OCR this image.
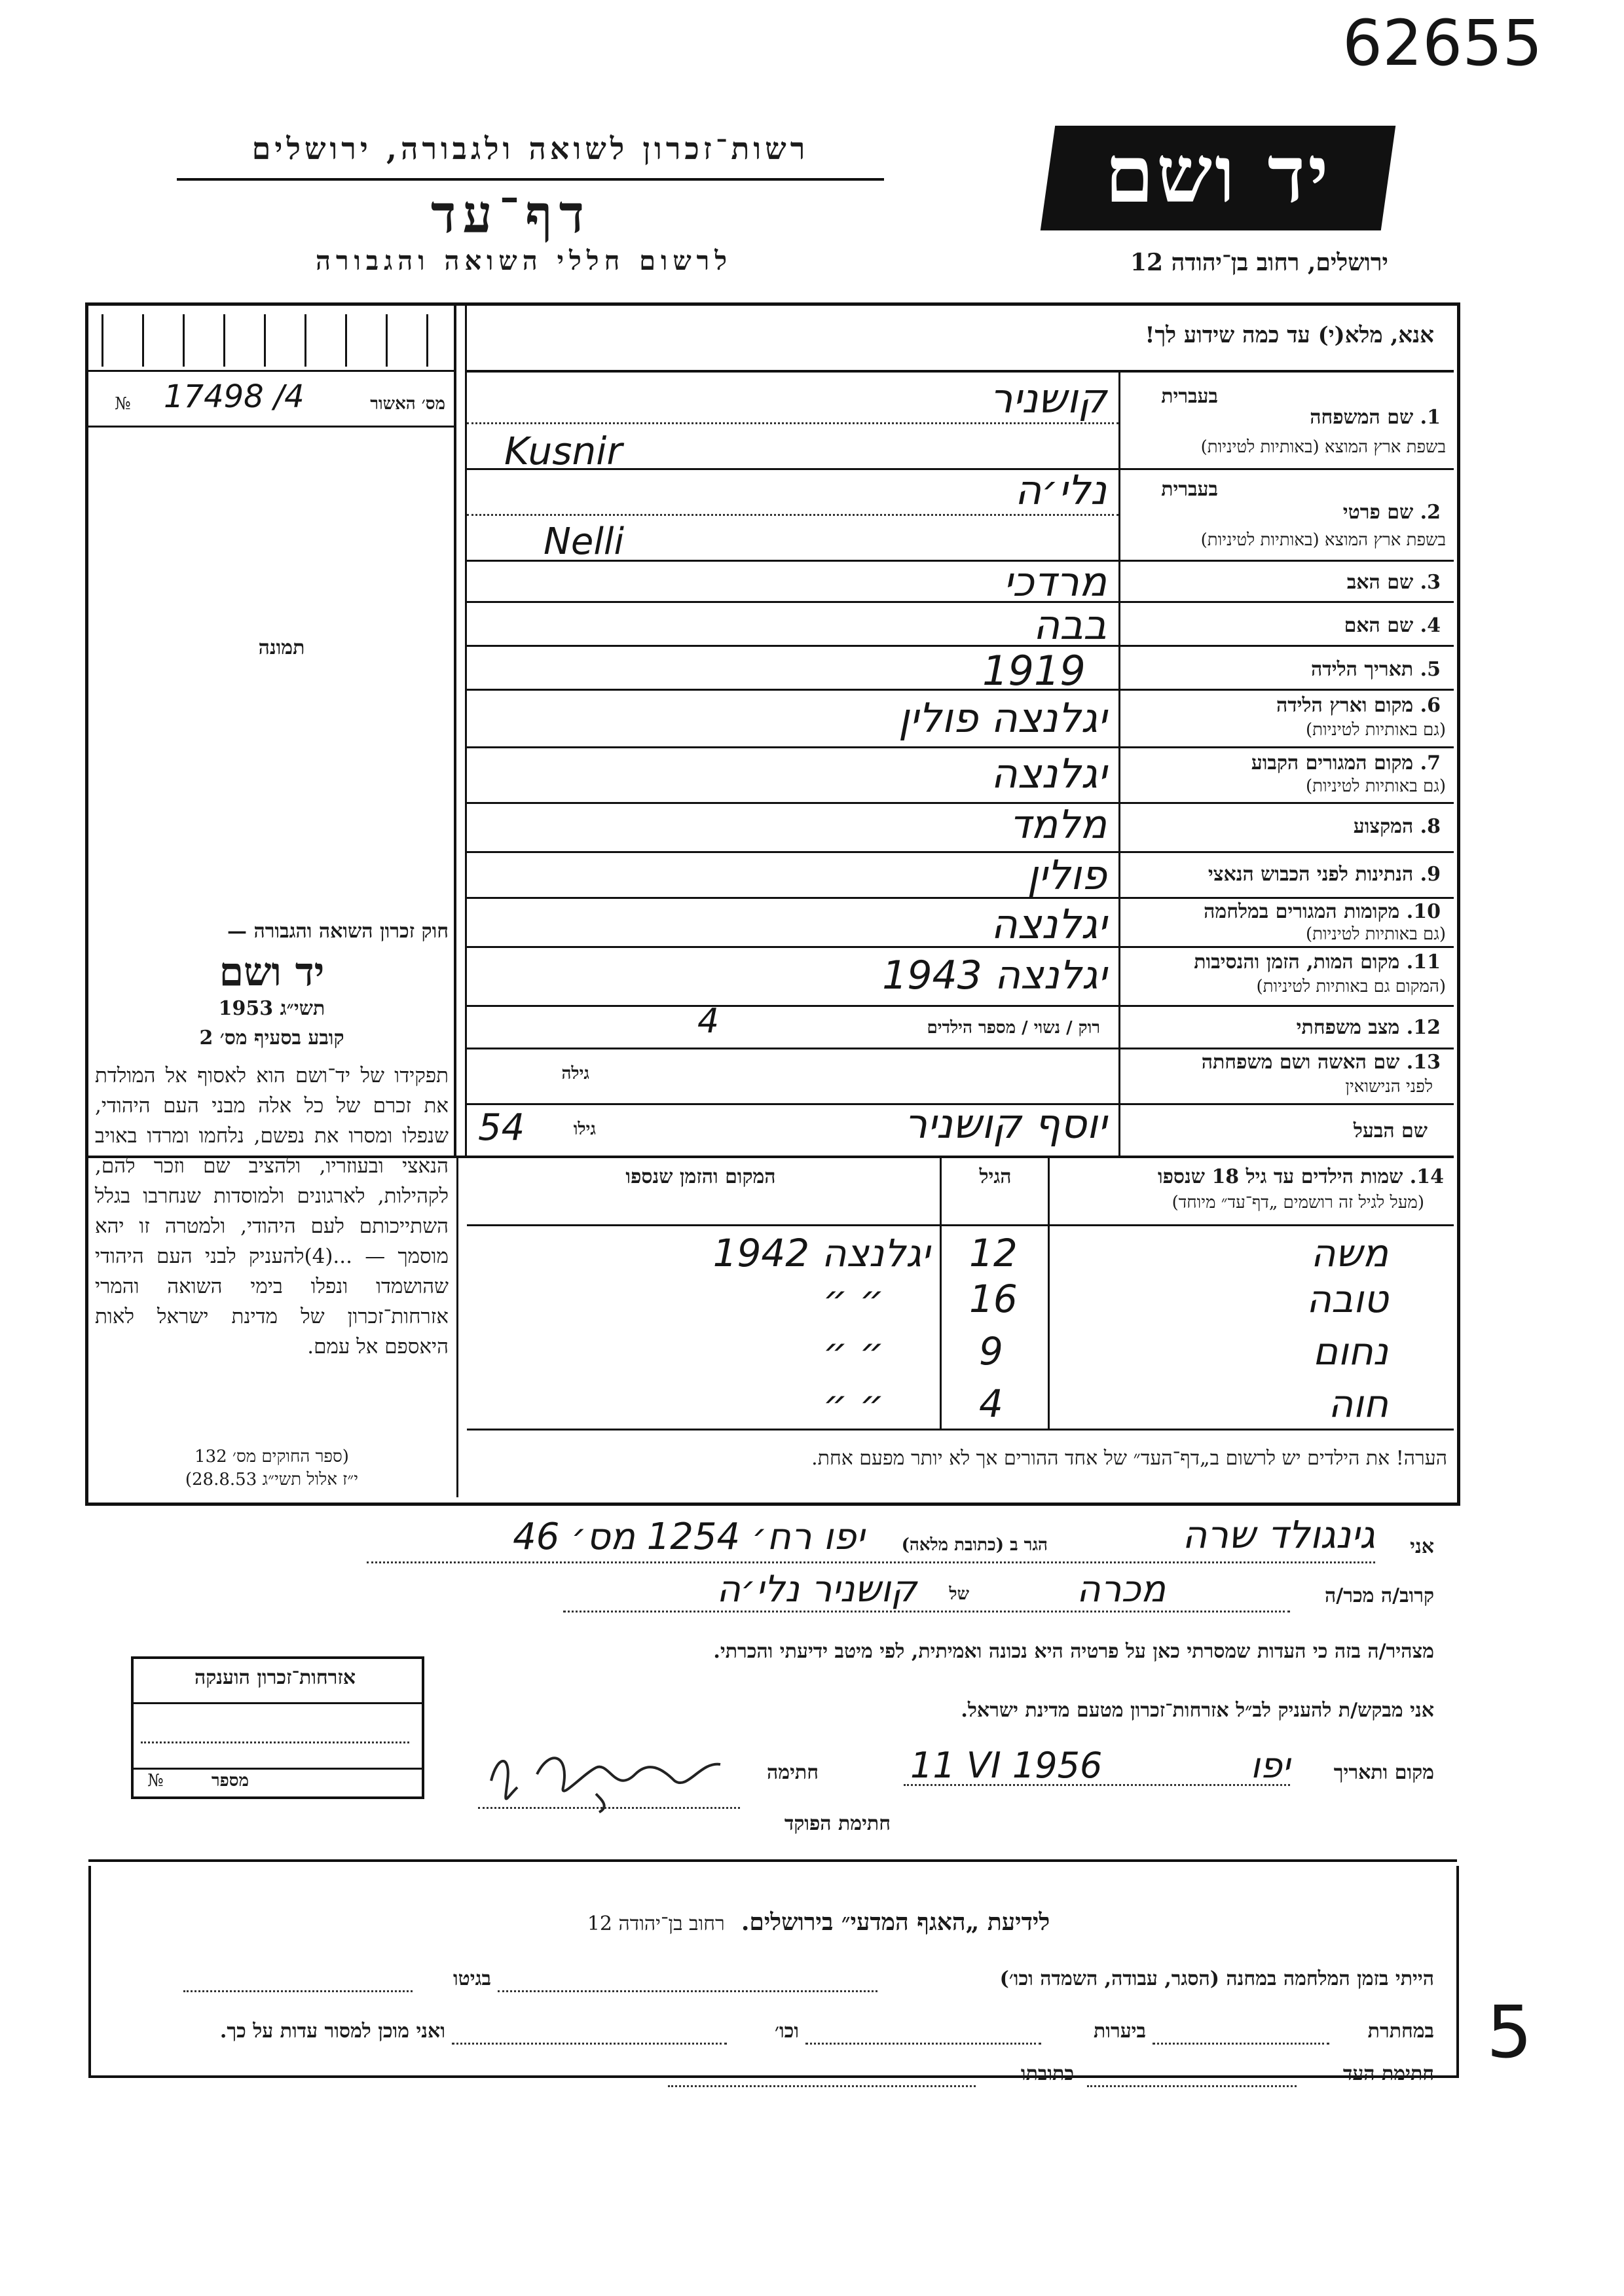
62655
5
רשות־זכרון לשואה ולגבורה, ירושלים
דף־עד
לרשום חללי השואה והגבורה
יד ושם
ירושלים, רחוב בן־יהודה 12
אנא, מלא(י) עד כמה שידוע לך!
№ 17498 /4	מס׳ האשור
תמונה
בעברית
1. שם המשפחה
בשפת ארץ המוצא (באותיות לטיניות)
קושניר
Kusnir
בעברית
2. שם פרטי
בשפת ארץ המוצא (באותיות לטיניות)
נלי׳ה
Nelli
3. שם האב
מרדכי
4. שם האם
בבה
5. תאריך הלידה
1919
6. מקום וארץ הלידה
(גם באותיות לטיניות)
יגלנצה פולין
7. מקום המגורים הקבוע
(גם באותיות לטיניות)
יגלנצה
8. המקצוע
מלמד
9. הנתינות לפני הכבוש הנאצי
פולין
10. מקומות המגורים במלחמה
(גם באותיות לטיניות)
יגלנצה
11. מקום המות, הזמן והנסיבות
(המקום גם באותיות לטיניות)
יגלנצה 1943
12. מצב משפחתי
רוק / נשוי / מספר הילדים
4
13. שם האשה ושם משפחתה
לפני הנישואין
גילה
שם הבעל
יוסף קושניר
גילו
54
חוק זכרון השואה והגבורה —
יד ושם
תשי״ג 1953
קובע בסעיף מס׳ 2
תפקידו של יד־ושם הוא לאסוף אל המולדת את זכרם של כל אלה מבני העם היהודי, שנפלו ומסרו את נפשם, נלחמו ומרדו באויב הנאצי ובעוזריו, ולהציב שם וזכר להם, לקהילות, לארגונים ולמוסדות שנחרבו בגלל השתייכותם לעם היהודי, ולמטרה זו יהא מוסמך — ...(4)להעניק לבני העם היהודי שהושמדו ונפלו בימי השואה והמרי אזרחות־זכרון של מדינת ישראל לאות היאספם אל עמם.
(ספר החוקים מס׳ 132
י״ז אלול תשי״ג 28.8.53)
14. שמות הילדים עד גיל 18 שנספו
(מעל לגיל זה רושמים „דף־עד״ מיוחד)
הגיל
המקום והזמן שנספו
משה
12
יגלנצה 1942
טובה
16
״ ״
נחום
9
״ ״
חוה
4
״ ״
הערה! את הילדים יש לרשום ב„דף־העד״ של אחד ההורים אך לא יותר מפעם אחת.
אני
גינגולד שרה
הגר ב (כתובת מלאה)
יפו רח׳ 1254 מס׳ 46
קרוב/ה מכר/ה
מכרה
של
קושניר נלי׳ה
מצהיר/ה בזה כי העדות שמסרתי כאן על פרטיה היא נכונה ואמיתית, לפי מיטב ידיעתי והכרתי.
אני מבקש/ת להעניק לב״ל אזרחות־זכרון מטעם מדינת ישראל.
מקום ותאריך
יפו
11 VI 1956
חתימה
חתימת הפוקד
אזרחות־זכרון הוענקה
№	מספר
לידיעת „האגף המדעי״ בירושלים.  רחוב בן־יהודה 12
הייתי בזמן המלחמה במחנה (הסגר, עבודה, השמדה וכו׳)
בגיטו
במחתרת
ביערות
וכו׳
ואני מוכן למסור עדות על כך.
חתימת העד
כתובתו
